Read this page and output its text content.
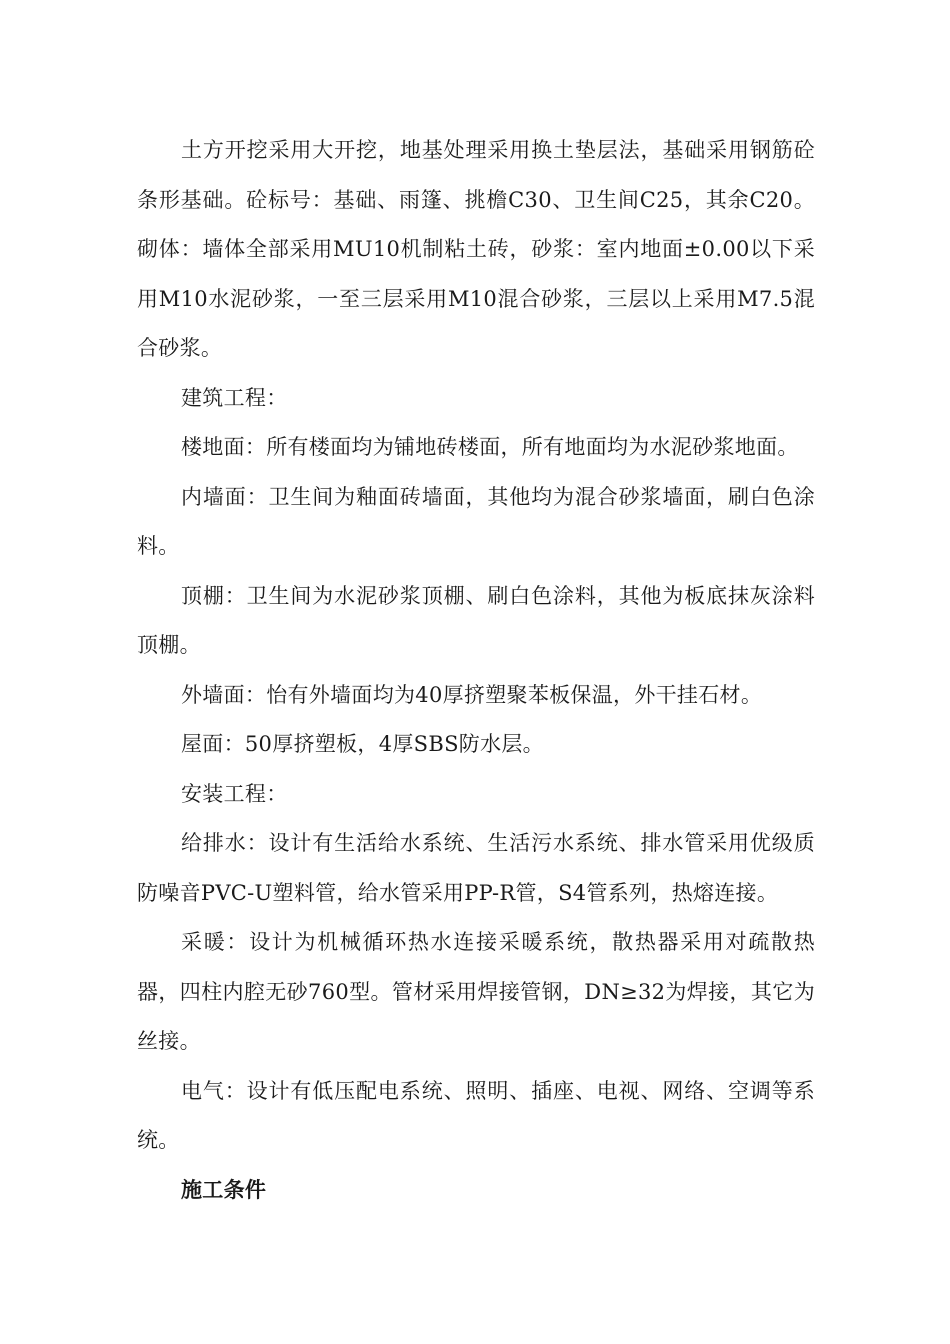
土方开挖采用大开挖，地基处理采用换土垫层法，基础采用钢筋砼条形基础。砼标号：基础、雨篷、挑檐C30、卫生间C25，其余C20。砌体：墙体全部采用MU10机制粘土砖，砂浆：室内地面±0.00以下采用M10水泥砂浆，一至三层采用M10混合砂浆，三层以上采用M7.5混合砂浆。

建筑工程：

楼地面：所有楼面均为铺地砖楼面，所有地面均为水泥砂浆地面。

内墙面：卫生间为釉面砖墙面，其他均为混合砂浆墙面，刷白色涂料。

顶棚：卫生间为水泥砂浆顶棚、刷白色涂料，其他为板底抹灰涂料顶棚。

外墙面：怡有外墙面均为40厚挤塑聚苯板保温，外干挂石材。

屋面：50厚挤塑板，4厚SBS防水层。

安装工程：

给排水：设计有生活给水系统、生活污水系统、排水管采用优级质防噪音PVC-U塑料管，给水管采用PP-R管，S4管系列，热熔连接。

采暖：设计为机械循环热水连接采暖系统，散热器采用对疏散热器，四柱内腔无砂760型。管材采用焊接管钢，DN≥32为焊接，其它为丝接。

电气：设计有低压配电系统、照明、插座、电视、网络、空调等系统。

施工条件
